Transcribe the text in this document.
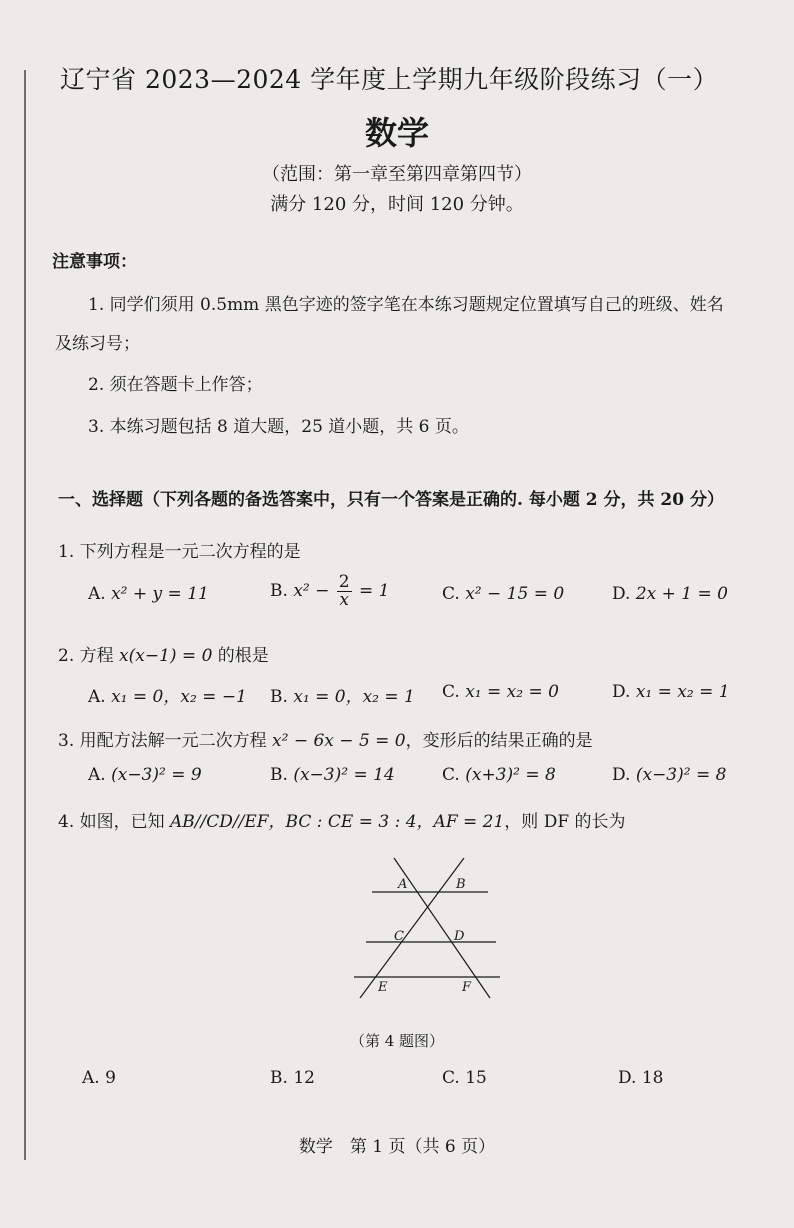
辽宁省 2023—2024 学年度上学期九年级阶段练习（一）
数学
（范围：第一章至第四章第四节）
满分 120 分，时间 120 分钟。
注意事项：
1. 同学们须用 0.5mm 黑色字迹的签字笔在本练习题规定位置填写自己的班级、姓名
及练习号；
2. 须在答题卡上作答；
3. 本练习题包括 8 道大题，25 道小题，共 6 页。
一、选择题（下列各题的备选答案中，只有一个答案是正确的. 每小题 2 分，共 20 分）
1. 下列方程是一元二次方程的是
A. x² + y = 11	B. $x^2 - \frac{2}{x} = 1$	C. x² − 15 = 0	D. 2x + 1 = 0
2. 方程 x(x−1) = 0 的根是
A. x₁ = 0，x₂ = −1 B. x₁ = 0，x₂ = 1 C. x₁ = x₂ = 0	D. x₁ = x₂ = 1
3. 用配方法解一元二次方程 x² − 6x − 5 = 0，变形后的结果正确的是
A. (x−3)² = 9	B. (x−3)² = 14	C. (x+3)² = 8	D. (x−3)² = 8
4. 如图，已知 AB//CD//EF，BC : CE = 3 : 4，AF = 21，则 DF 的长为
A	B
C	D
E	F
（第 4 题图）
A. 9	B. 12	C. 15	D. 18
数学　第 1 页（共 6 页）
